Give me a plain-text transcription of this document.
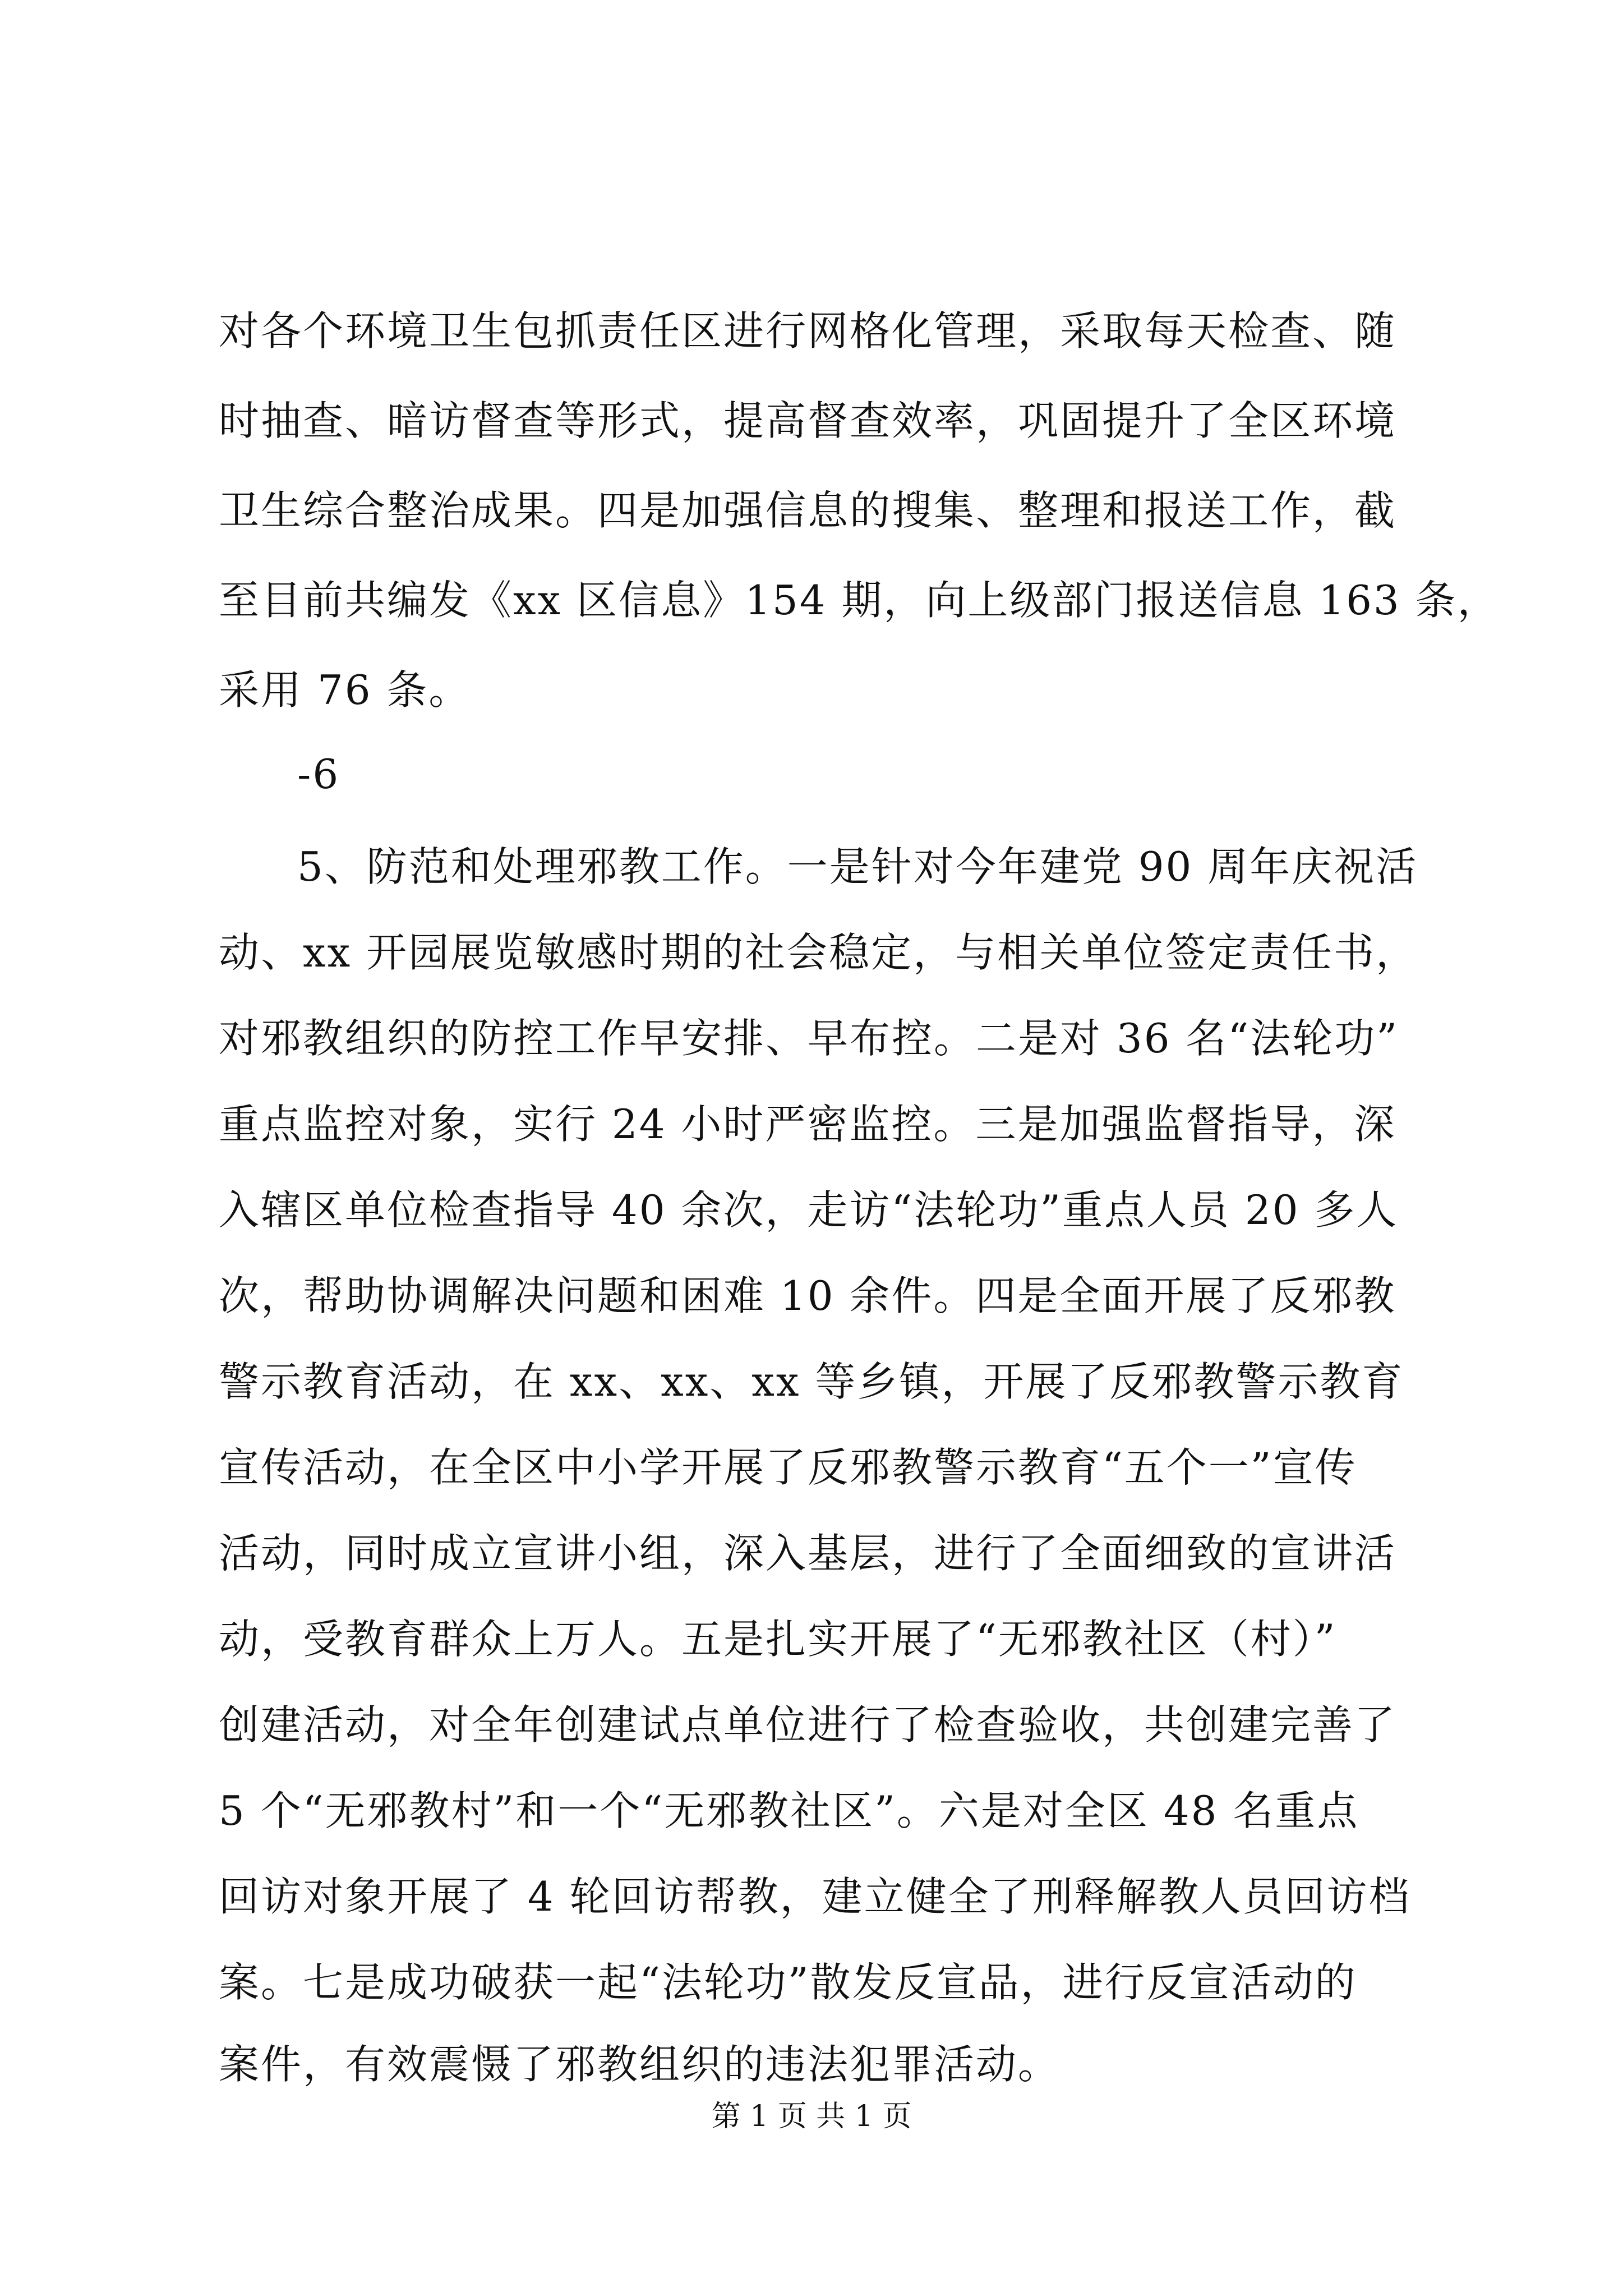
对各个环境卫生包抓责任区进行网格化管理，采取每天检查、随
时抽查、暗访督查等形式，提高督查效率，巩固提升了全区环境
卫生综合整治成果。四是加强信息的搜集、整理和报送工作，截
至目前共编发《xx 区信息》154 期，向上级部门报送信息 163 条，
采用 76 条。
-6
5、防范和处理邪教工作。一是针对今年建党 90 周年庆祝活
动、xx 开园展览敏感时期的社会稳定，与相关单位签定责任书，
对邪教组织的防控工作早安排、早布控。二是对 36 名“法轮功”
重点监控对象，实行 24 小时严密监控。三是加强监督指导，深
入辖区单位检查指导 40 余次，走访“法轮功”重点人员 20 多人
次，帮助协调解决问题和困难 10 余件。四是全面开展了反邪教
警示教育活动，在 xx、xx、xx 等乡镇，开展了反邪教警示教育
宣传活动，在全区中小学开展了反邪教警示教育“五个一”宣传
活动，同时成立宣讲小组，深入基层，进行了全面细致的宣讲活
动，受教育群众上万人。五是扎实开展了“无邪教社区（村）”
创建活动，对全年创建试点单位进行了检查验收，共创建完善了
5 个“无邪教村”和一个“无邪教社区”。六是对全区 48 名重点
回访对象开展了 4 轮回访帮教，建立健全了刑释解教人员回访档
案。七是成功破获一起“法轮功”散发反宣品，进行反宣活动的
案件，有效震慑了邪教组织的违法犯罪活动。
第 1 页 共 1 页
